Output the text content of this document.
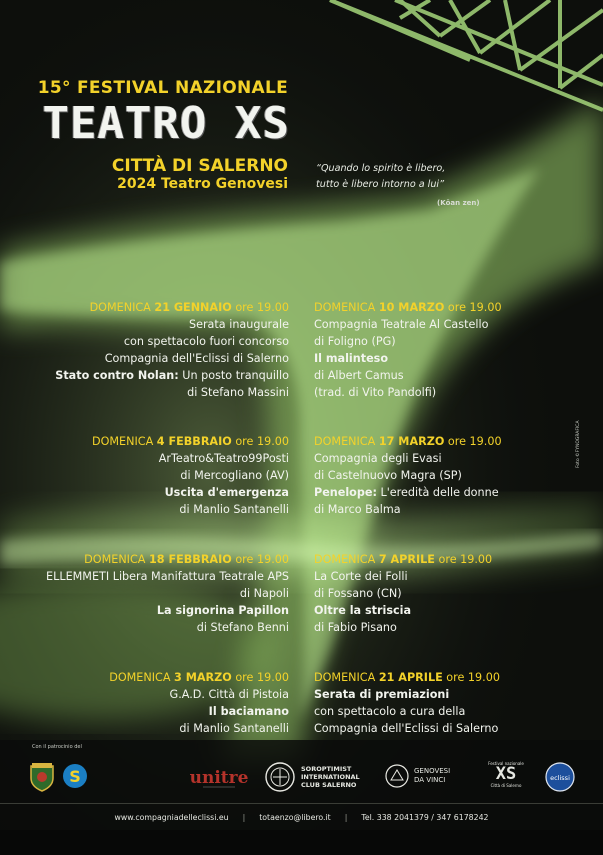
15° FESTIVAL NAZIONALE
TEATRO XS
CITTÀ DI SALERNO
2024 Teatro Genovesi
“Quando lo spirito è libero,
tutto è libero intorno a lui”
(Kōan zen)
DOMENICA 21 GENNAIO ore 19.00
Serata inaugurale
con spettacolo fuori concorso
Compagnia dell'Eclissi di Salerno
Stato contro Nolan: Un posto tranquillo
di Stefano Massini
DOMENICA 4 FEBBRAIO ore 19.00
ArTeatro&Teatro99Posti
di Mercogliano (AV)
Uscita d'emergenza
di Manlio Santanelli
DOMENICA 18 FEBBRAIO ore 19.00
ELLEMMETI Libera Manifattura Teatrale APS
di Napoli
La signorina Papillon
di Stefano Benni
DOMENICA 3 MARZO ore 19.00
G.A.D. Città di Pistoia
Il baciamano
di Manlio Santanelli
DOMENICA 10 MARZO ore 19.00
Compagnia Teatrale Al Castello
di Foligno (PG)
Il malinteso
di Albert Camus
(trad. di Vito Pandolfi)
DOMENICA 17 MARZO ore 19.00
Compagnia degli Evasi
di Castelnuovo Magra (SP)
Penelope: L'eredità delle donne
di Marco Balma
DOMENICA 7 APRILE ore 19.00
La Corte dei Folli
di Fossano (CN)
Oltre la striscia
di Fabio Pisano
DOMENICA 21 APRILE ore 19.00
Serata di premiazioni
con spettacolo a cura della
Compagnia dell'Eclissi di Salerno
Foto ©FYNOGRAFICA
Con il patrocinio del
S	unitre	SOROPTIMIST
INTERNATIONAL
CLUB SALERNO
GENOVESI
DA VINCI
Festival nazionale
XS
Città di Salerno
eclissi
www.compagniadelleclissi.eu | totaenzo@libero.it | Tel. 338 2041379 / 347 6178242
